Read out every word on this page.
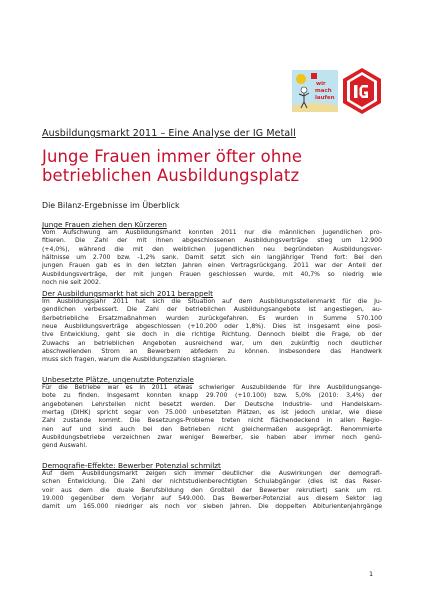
wir
mach
laufen
Ausbildungsmarkt 2011 – Eine Analyse der IG Metall
Junge Frauen immer öfter ohne
betrieblichen Ausbildungsplatz
Die Bilanz-Ergebnisse im Überblick
Junge Frauen ziehen den Kürzeren
Vom Aufschwung am Ausbildungsmarkt konnten 2011 nur die männlichen Jugendlichen pro-
fitieren. Die Zahl der mit ihnen abgeschlossenen Ausbildungsverträge stieg um 12.900
(+4,0%), während die mit den weiblichen Jugendlichen neu begründeten Ausbildungsver-
hältnisse um 2.700 bzw. -1,2% sank. Damit setzt sich ein langjähriger Trend fort: Bei den
jungen Frauen gab es in den letzten Jahren einen Vertragsrückgang. 2011 war der Anteil der
Ausbildungsverträge, der mit jungen Frauen geschlossen wurde, mit 40,7% so niedrig wie
noch nie seit 2002.
Der Ausbildungsmarkt hat sich 2011 berappelt
Im Ausbildungsjahr 2011 hat sich die Situation auf dem Ausbildungsstellenmarkt für die Ju-
gendlichen verbessert. Die Zahl der betrieblichen Ausbildungsangebote ist angestiegen, au-
ßerbetriebliche Ersatzmaßnahmen wurden zurückgefahren. Es wurden in Summe 570.100
neue Ausbildungsverträge abgeschlossen (+10.200 oder 1,8%). Dies ist insgesamt eine posi-
tive Entwicklung, geht sie doch in die richtige Richtung. Dennoch bleibt die Frage, ob der
Zuwachs an betrieblichen Angeboten ausreichend war, um den zukünftig noch deutlicher
abschwellenden Strom an Bewerbern abfedern zu können. Insbesondere das Handwerk
muss sich fragen, warum die Ausbildungszahlen stagnieren.
Unbesetzte Plätze, ungenutzte Potenziale
Für die Betriebe war es in 2011 etwas schwieriger Auszubildende für ihre Ausbildungsange-
bote zu finden. Insgesamt konnten knapp 29.700 (+10.100) bzw. 5,0% (2010: 3,4%) der
angebotenen Lehrstellen nicht besetzt werden. Der Deutsche Industrie- und Handelskam-
mertag (DIHK) spricht sogar von 75.000 unbesetzten Plätzen, es ist jedoch unklar, wie diese
Zahl zustande kommt. Die Besetzungs-Probleme treten nicht flächendeckend in allen Regio-
nen auf und sind auch bei den Betrieben nicht gleichermaßen ausgeprägt. Renommierte
Ausbildungsbetriebe verzeichnen zwar weniger Bewerber, sie haben aber immer noch genü-
gend Auswahl.
Demografie-Effekte: Bewerber Potenzial schmilzt
Auf dem Ausbildungsmarkt zeigen sich immer deutlicher die Auswirkungen der demografi-
schen Entwicklung. Die Zahl der nichtstudienberechtigten Schulabgänger (dies ist das Reser-
voir aus dem die duale Berufsbildung den Großteil der Bewerber rekrutiert) sank um rd.
19.000 gegenüber dem Vorjahr auf 549.000. Das Bewerber-Potenzial aus diesem Sektor lag
damit um 165.000 niedriger als noch vor sieben Jahren. Die doppelten Abiturientenjahrgänge
1
